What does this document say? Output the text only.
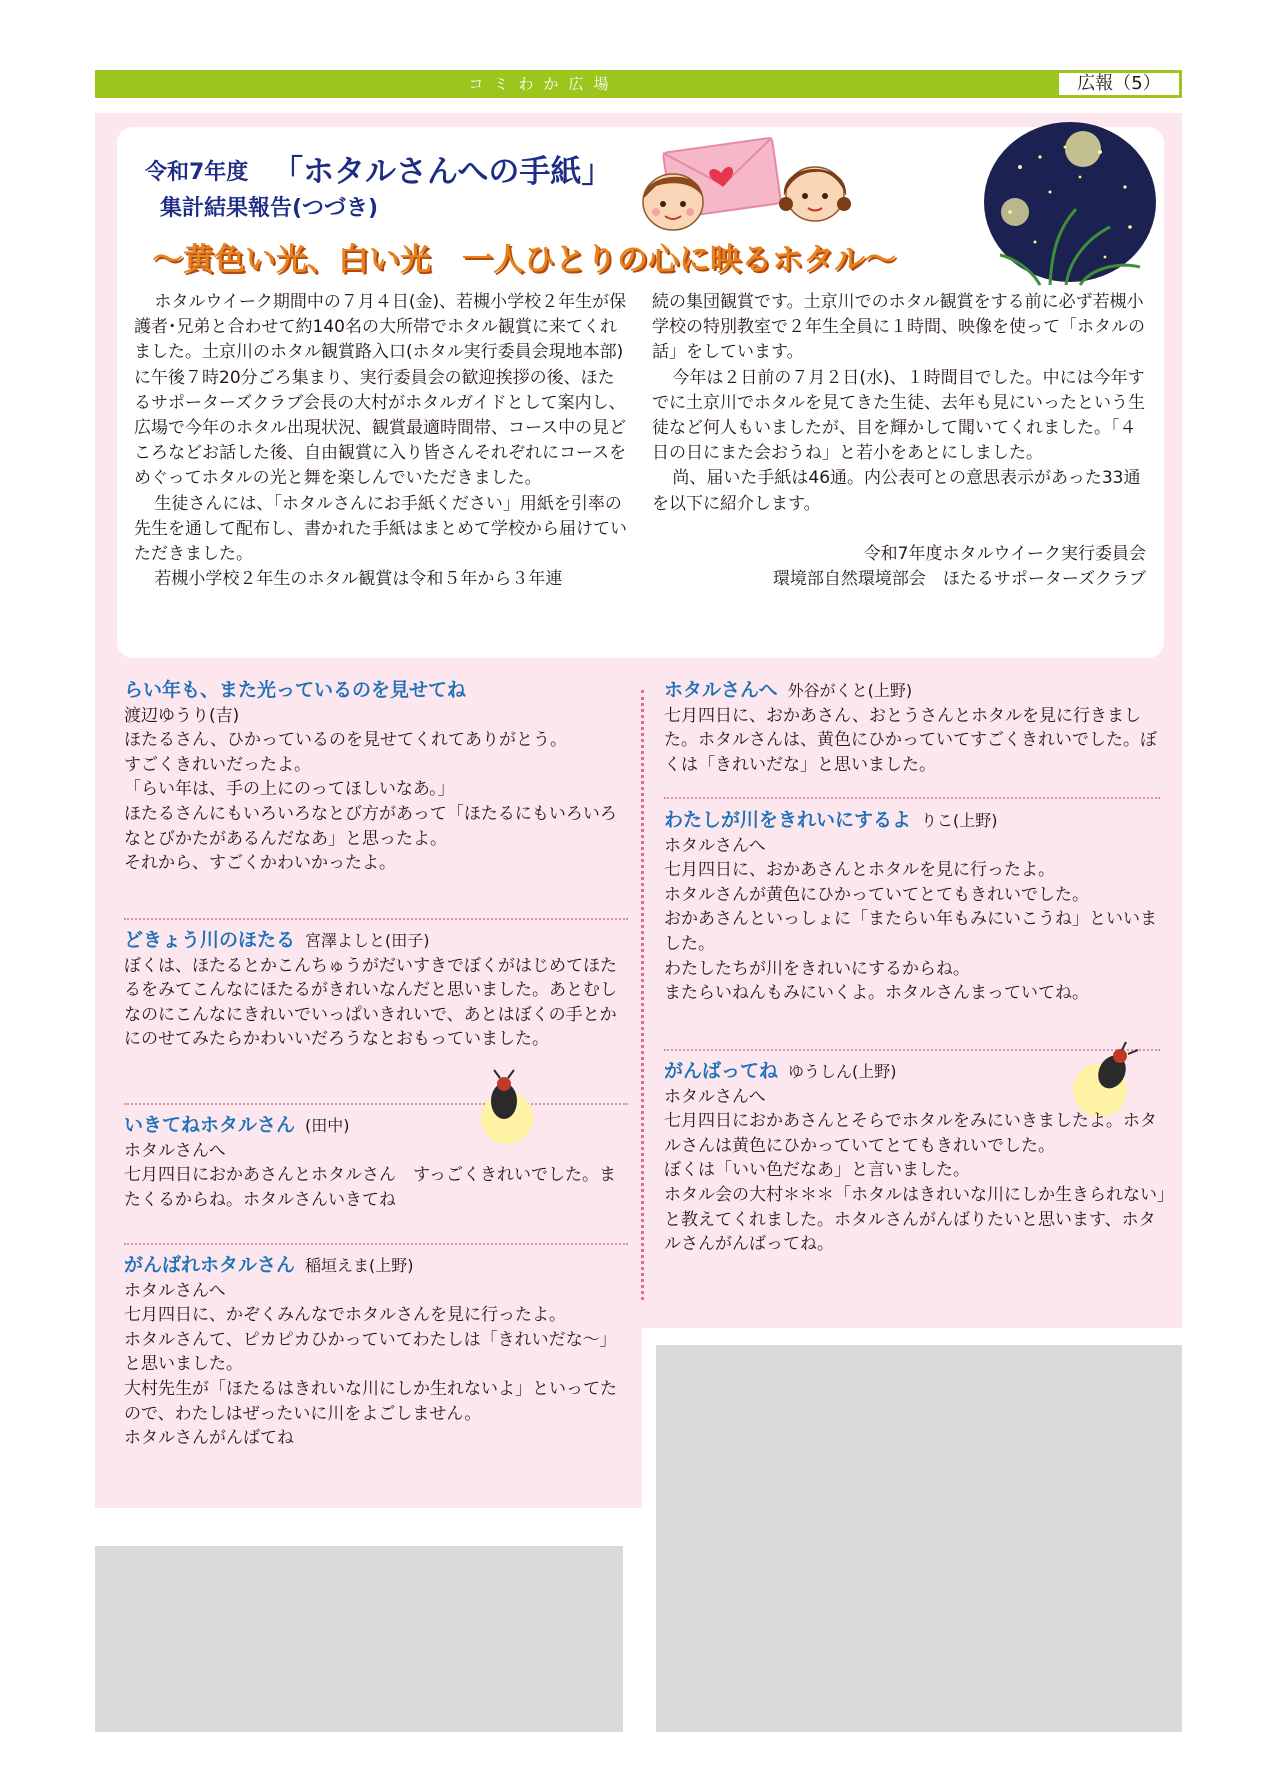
コミわか広場	広報（5）
令和7年度 「ホタルさんへの手紙」
集計結果報告(つづき)
～黄色い光、白い光　一人ひとりの心に映るホタル～

ホタルウイーク期間中の７月４日(金)、若槻小学校２年生が保護者･兄弟と合わせて約140名の大所帯でホタル観賞に来てくれました。土京川のホタル観賞路入口(ホタル実行委員会現地本部)に午後７時20分ごろ集まり、実行委員会の歓迎挨拶の後、ほたるサポーターズクラブ会長の大村がホタルガイドとして案内し、広場で今年のホタル出現状況、観賞最適時間帯、コース中の見どころなどお話した後、自由観賞に入り皆さんそれぞれにコースをめぐってホタルの光と舞を楽しんでいただきました。

生徒さんには、「ホタルさんにお手紙ください」用紙を引率の先生を通して配布し、書かれた手紙はまとめて学校から届けていただきました。

若槻小学校２年生のホタル観賞は令和５年から３年連

続の集団観賞です。土京川でのホタル観賞をする前に必ず若槻小学校の特別教室で２年生全員に１時間、映像を使って「ホタルの話」をしています。

今年は２日前の７月２日(水)、１時間目でした。中には今年すでに土京川でホタルを見てきた生徒、去年も見にいったという生徒など何人もいましたが、目を輝かして聞いてくれました。「４日の日にまた会おうね」と若小をあとにしました。

尚、届いた手紙は46通。内公表可との意思表示があった33通を以下に紹介します。

令和7年度ホタルウイーク実行委員会

環境部自然環境部会　ほたるサポーターズクラブ

らい年も、また光っているのを見せてね

渡辺ゆうり(吉)

ほたるさん、ひかっているのを見せてくれてありがとう。

すごくきれいだったよ。

「らい年は、手の上にのってほしいなあ。」

ほたるさんにもいろいろなとび方があって「ほたるにもいろいろなとびかたがあるんだなあ」と思ったよ。

それから、すごくかわいかったよ。

どきょう川のほたる 宮澤よしと(田子)

ぼくは、ほたるとかこんちゅうがだいすきでぼくがはじめてほたるをみてこんなにほたるがきれいなんだと思いました。あとむしなのにこんなにきれいでいっぱいきれいで、あとはぼくの手とかにのせてみたらかわいいだろうなとおもっていました。

いきてねホタルさん (田中)

ホタルさんへ

七月四日におかあさんとホタルさん　すっごくきれいでした。またくるからね。ホタルさんいきてね

がんばれホタルさん 稲垣えま(上野)

ホタルさんへ

七月四日に、かぞくみんなでホタルさんを見に行ったよ。

ホタルさんて、ピカピカひかっていてわたしは「きれいだな～」と思いました。

大村先生が「ほたるはきれいな川にしか生れないよ」といってたので、わたしはぜったいに川をよごしません。

ホタルさんがんばてね

ホタルさんへ 外谷がくと(上野)

七月四日に、おかあさん、おとうさんとホタルを見に行きました。ホタルさんは、黄色にひかっていてすごくきれいでした。ぼくは「きれいだな」と思いました。

わたしが川をきれいにするよ りこ(上野)

ホタルさんへ

七月四日に、おかあさんとホタルを見に行ったよ。

ホタルさんが黄色にひかっていてとてもきれいでした。

おかあさんといっしょに「またらい年もみにいこうね」といいました。

わたしたちが川をきれいにするからね。

またらいねんもみにいくよ。ホタルさんまっていてね。

がんばってね ゆうしん(上野)

ホタルさんへ

七月四日におかあさんとそらでホタルをみにいきましたよ。ホタルさんは黄色にひかっていてとてもきれいでした。

ぼくは「いい色だなあ」と言いました。

ホタル会の大村＊＊＊「ホタルはきれいな川にしか生きられない」と教えてくれました。ホタルさんがんばりたいと思います、ホタルさんがんばってね。
